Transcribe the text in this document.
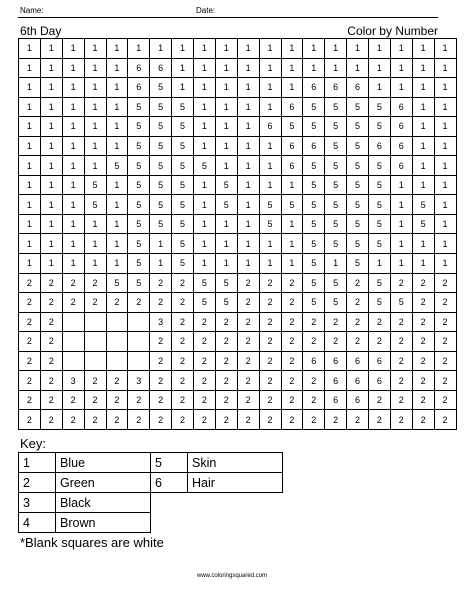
Name:	Date:
6th Day	Color by Number
1	1	1	1	1	1	1	1	1	1	1	1	1	1	1	1	1	1	1	1
1	1	1	1	1	6	6	1	1	1	1	1	1	1	1	1	1	1	1	1
1	1	1	1	1	6	5	1	1	1	1	1	1	6	6	6	1	1	1	1
1	1	1	1	1	5	5	5	1	1	1	1	6	5	5	5	5	6	1	1
1	1	1	1	1	5	5	5	1	1	1	6	5	5	5	5	5	6	1	1
1	1	1	1	1	5	5	5	1	1	1	1	6	6	5	5	6	6	1	1
1	1	1	1	5	5	5	5	5	1	1	1	6	5	5	5	5	6	1	1
1	1	1	5	1	5	5	5	1	5	1	1	1	5	5	5	5	1	1	1
1	1	1	5	1	5	5	5	1	5	1	5	5	5	5	5	5	1	5	1
1	1	1	1	1	5	5	5	1	1	1	5	1	5	5	5	5	1	5	1
1	1	1	1	1	5	1	5	1	1	1	1	1	5	5	5	5	1	1	1
1	1	1	1	1	5	1	5	1	1	1	1	1	5	1	5	1	1	1	1
2	2	2	2	5	5	2	2	5	5	2	2	2	5	5	2	5	2	2	2
2	2	2	2	2	2	2	2	5	5	2	2	2	5	5	2	5	5	2	2
2	2					3	2	2	2	2	2	2	2	2	2	2	2	2	2
2	2					2	2	2	2	2	2	2	2	2	2	2	2	2	2
2	2					2	2	2	2	2	2	2	6	6	6	6	2	2	2
2	2	3	2	2	3	2	2	2	2	2	2	2	2	6	6	6	2	2	2
2	2	2	2	2	2	2	2	2	2	2	2	2	2	6	6	2	2	2	2
2	2	2	2	2	2	2	2	2	2	2	2	2	2	2	2	2	2	2	2
Key:
1	Blue	5	Skin
2	Green	6	Hair
3	Black		
4	Brown		
*Blank squares are white
www.coloringsquared.com
